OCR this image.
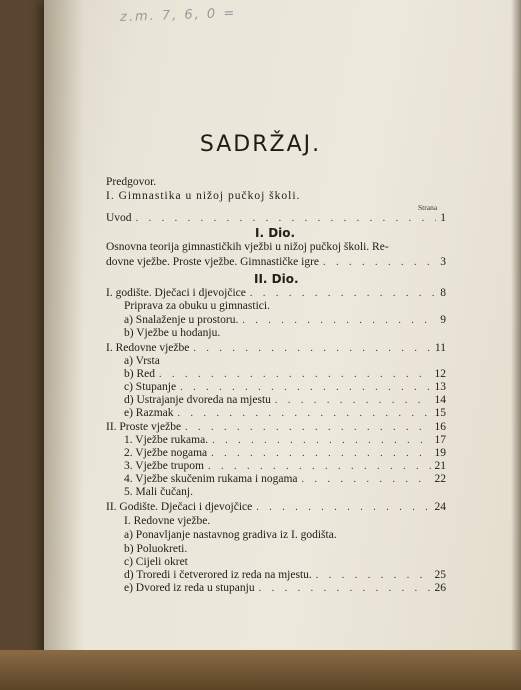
z.m. 7, 6, 0 =
SADRŽAJ.
Predgovor.
I. Gimnastika u nižoj pučkoj školi.
Strana
Uvod . . .	1
I. Dio.
Osnovna teorija gimnastičkih vježbi u nižoj pučkoj školi. Re-
dovne vježbe. Proste vježbe. Gimnastičke igre . . .	3
II. Dio.
I. godište. Dječaci i djevojčice . . .	8
Priprava za obuku u gimnastici.
a) Snalaženje u prostoru. . . .	9
b) Vježbe u hodanju.
I. Redovne vježbe . . .	11
a) Vrsta
b) Red . . .	12
c) Stupanje . . .	13
d) Ustrajanje dvoreda na mjestu . . .	14
e) Razmak . . .	15
II. Proste vježbe . . .	16
1. Vježbe rukama. . . .	17
2. Vježbe nogama . . .	19
3. Vježbe trupom . . .	21
4. Vježbe skučenim rukama i nogama . . .	22
5. Mali čučanj.
II. Godište. Dječaci i djevojčice . . .	24
I. Redovne vježbe.
a) Ponavljanje nastavnog gradiva iz I. godišta.
b) Poluokreti.
c) Cijeli okret
d) Troredi i četverored iz reda na mjestu. . . .	25
e) Dvored iz reda u stupanju . . .	26
